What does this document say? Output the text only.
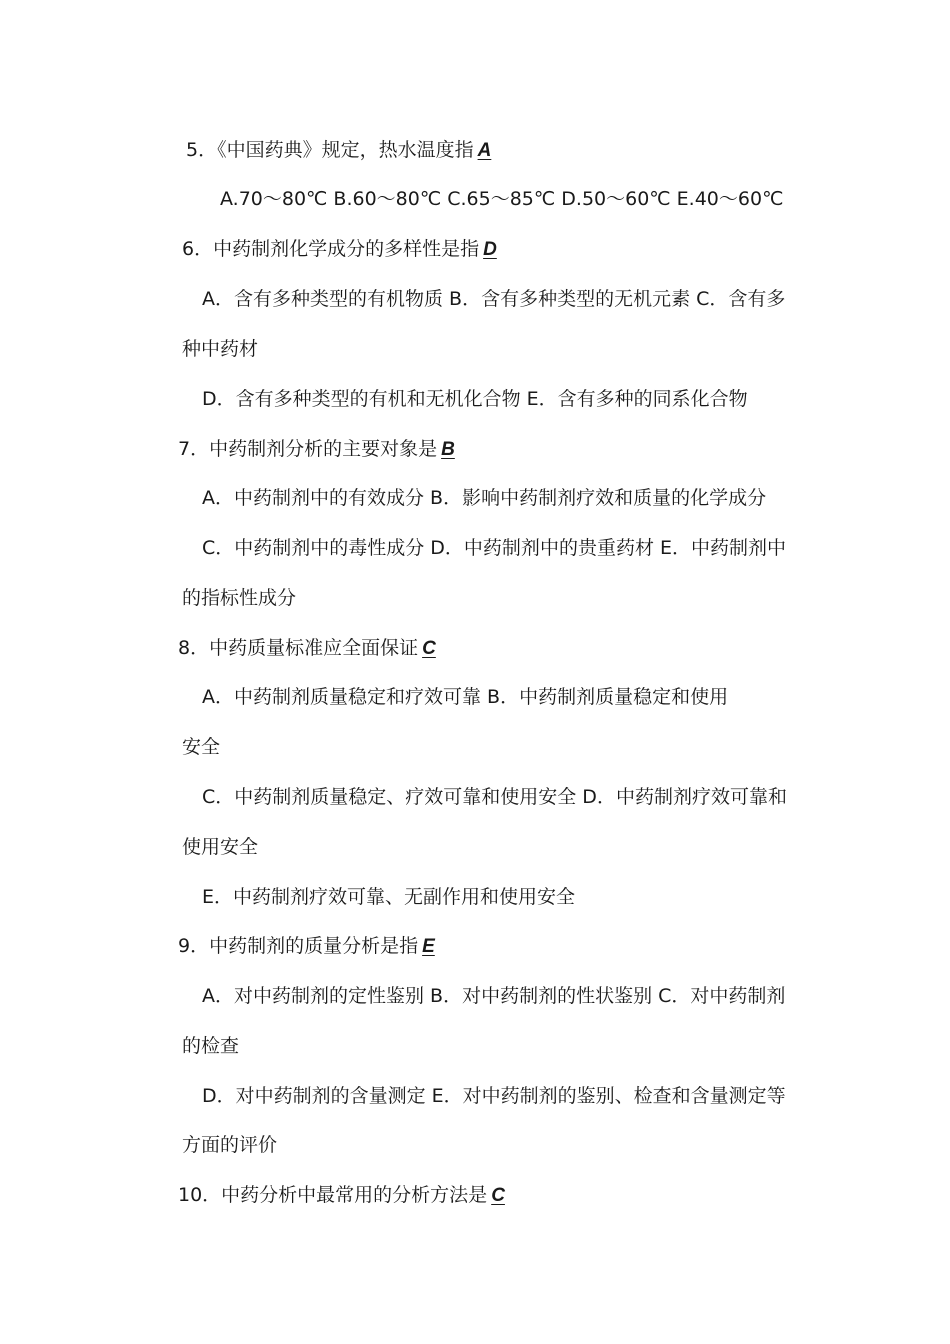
5．《中国药典》规定，热水温度指 A
A.70～80℃ B.60～80℃ C.65～85℃ D.50～60℃ E.40～60℃
6．中药制剂化学成分的多样性是指 D
A．含有多种类型的有机物质 B．含有多种类型的无机元素 C．含有多
种中药材
D．含有多种类型的有机和无机化合物 E．含有多种的同系化合物
7．中药制剂分析的主要对象是 B
A．中药制剂中的有效成分 B．影响中药制剂疗效和质量的化学成分
C．中药制剂中的毒性成分 D．中药制剂中的贵重药材 E．中药制剂中
的指标性成分
8．中药质量标准应全面保证 C
A．中药制剂质量稳定和疗效可靠 B．中药制剂质量稳定和使用
安全
C．中药制剂质量稳定、疗效可靠和使用安全 D．中药制剂疗效可靠和
使用安全
E．中药制剂疗效可靠、无副作用和使用安全
9．中药制剂的质量分析是指 E
A．对中药制剂的定性鉴别 B．对中药制剂的性状鉴别 C．对中药制剂
的检查
D．对中药制剂的含量测定 E．对中药制剂的鉴别、检查和含量测定等
方面的评价
10．中药分析中最常用的分析方法是 C
